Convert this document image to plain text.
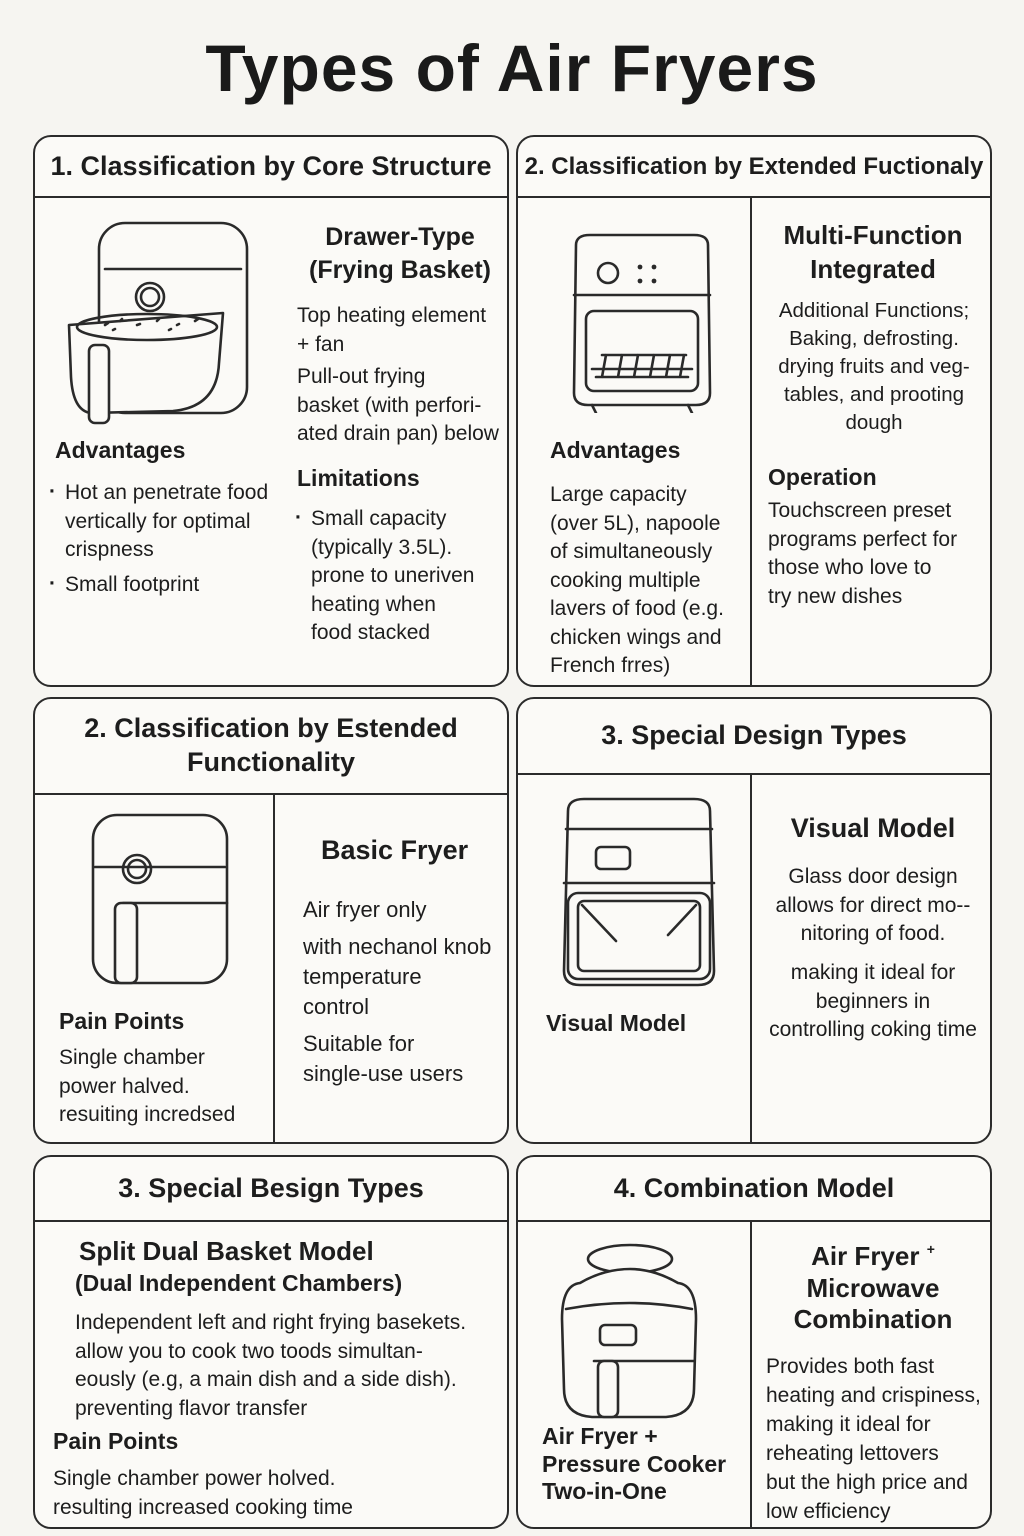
Types of Air Fryers
1. Classification by Core Structure
Drawer-Type
(Frying Basket)
Top heating element
+ fan
Pull-out frying
basket (with perfori-
ated drain pan) below
Advantages
· Hot an penetrate food
vertically for optimal
crispness
· Small footprint
Limitations
· Small capacity
(typically 3.5L).
prone to uneriven
heating when
food stacked
2. Classification by Extended Fuctionaly
Multi-Function
Integrated
Additional Functions;
Baking, defrosting.
drying fruits and veg-
tables, and prooting
dough
Operation
Touchscreen preset
programs perfect for
those who love to
try new dishes
Advantages
Large capacity
(over 5L), napoole
of simultaneously
cooking multiple
lavers of food (e.g.
chicken wings and
French frres)
2. Classification by Estended
Functionality
Pain Points
Single chamber
power halved.
resuiting incredsed
Basic Fryer
Air fryer only
with nechanol knob
temperature
control
Suitable for
single-use users
3. Special Design Types
Visual Model
Visual Model
Glass door design
allows for direct mo--
nitoring of food.
making it ideal for
beginners in
controlling coking time
3. Special Besign Types
Split Dual Basket Model
(Dual Independent Chambers)
Independent left and right frying basekets.
allow you to cook two toods simultan-
eously (e.g, a main dish and a side dish).
preventing flavor transfer
Pain Points
Single chamber power holved.
resulting increased cooking time
4. Combination Model
Air Fryer +
Pressure Cooker
Two-in-One
Air Fryer +
Microwave
Combination
Provides both fast
heating and crispiness,
making it ideal for
reheating lettovers
but the high price and
low efficiency
